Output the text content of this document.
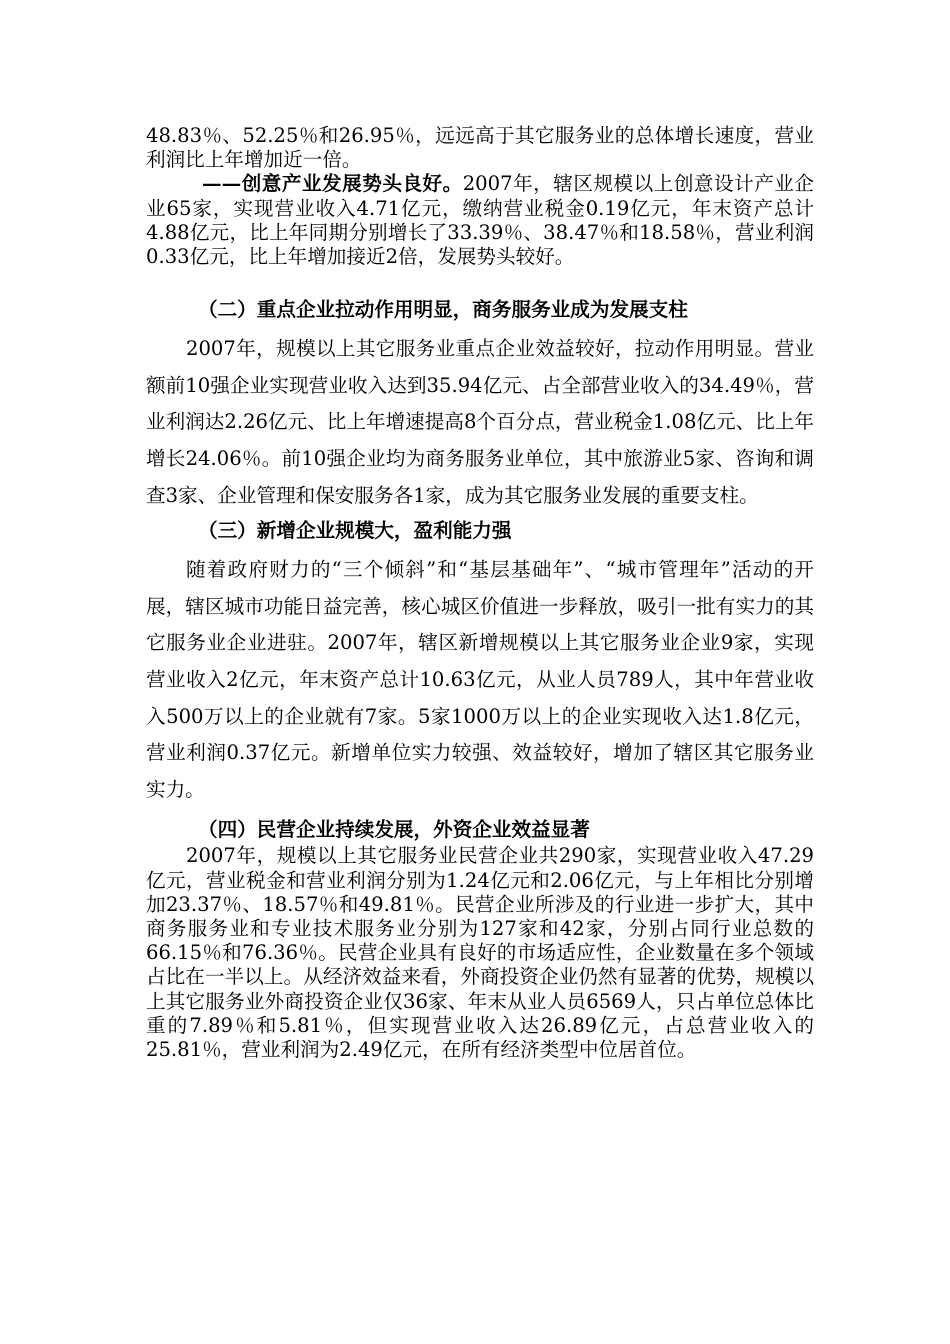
48.83％、52.25％和26.95％，远远高于其它服务业的总体增长速度，营业利润比上年增加近一倍。

——创意产业发展势头良好。2007年，辖区规模以上创意设计产业企业65家，实现营业收入4.71亿元，缴纳营业税金0.19亿元，年末资产总计4.88亿元，比上年同期分别增长了33.39％、38.47％和18.58％，营业利润0.33亿元，比上年增加接近2倍，发展势头较好。

（二）重点企业拉动作用明显，商务服务业成为发展支柱

2007年，规模以上其它服务业重点企业效益较好，拉动作用明显。营业额前10强企业实现营业收入达到35.94亿元、占全部营业收入的34.49％，营业利润达2.26亿元、比上年增速提高8个百分点，营业税金1.08亿元、比上年增长24.06％。前10强企业均为商务服务业单位，其中旅游业5家、咨询和调查3家、企业管理和保安服务各1家，成为其它服务业发展的重要支柱。

（三）新增企业规模大，盈利能力强

随着政府财力的“三个倾斜”和“基层基础年”、“城市管理年”活动的开展，辖区城市功能日益完善，核心城区价值进一步释放，吸引一批有实力的其它服务业企业进驻。2007年，辖区新增规模以上其它服务业企业9家，实现营业收入2亿元，年末资产总计10.63亿元，从业人员789人，其中年营业收入500万以上的企业就有7家。5家1000万以上的企业实现收入达1.8亿元，营业利润0.37亿元。新增单位实力较强、效益较好，增加了辖区其它服务业实力。

（四）民营企业持续发展，外资企业效益显著

2007年，规模以上其它服务业民营企业共290家，实现营业收入47.29亿元，营业税金和营业利润分别为1.24亿元和2.06亿元，与上年相比分别增加23.37％、18.57％和49.81％。民营企业所涉及的行业进一步扩大，其中商务服务业和专业技术服务业分别为127家和42家，分别占同行业总数的66.15％和76.36％。民营企业具有良好的市场适应性，企业数量在多个领域占比在一半以上。从经济效益来看，外商投资企业仍然有显著的优势，规模以上其它服务业外商投资企业仅36家、年末从业人员6569人，只占单位总体比重的7.89％和5.81％，但实现营业收入达26.89亿元，占总营业收入的25.81％，营业利润为2.49亿元，在所有经济类型中位居首位。
